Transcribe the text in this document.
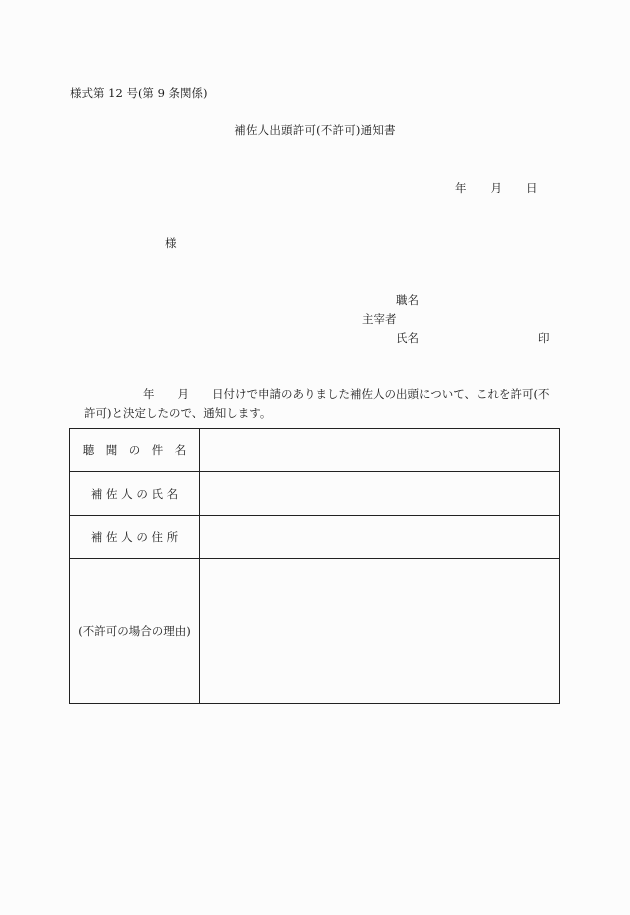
様式第 12 号(第 9 条関係)
補佐人出頭許可(不許可)通知書
年 月 日
様
職名
主宰者
氏名	印
年　　月　　日付けで申請のありました補佐人の出頭について、これを許可(不
許可)と決定したので、通知します。
聴　聞　の　件　名	
補 佐 人 の 氏 名	
補 佐 人 の 住 所	
(不許可の場合の理由)	
